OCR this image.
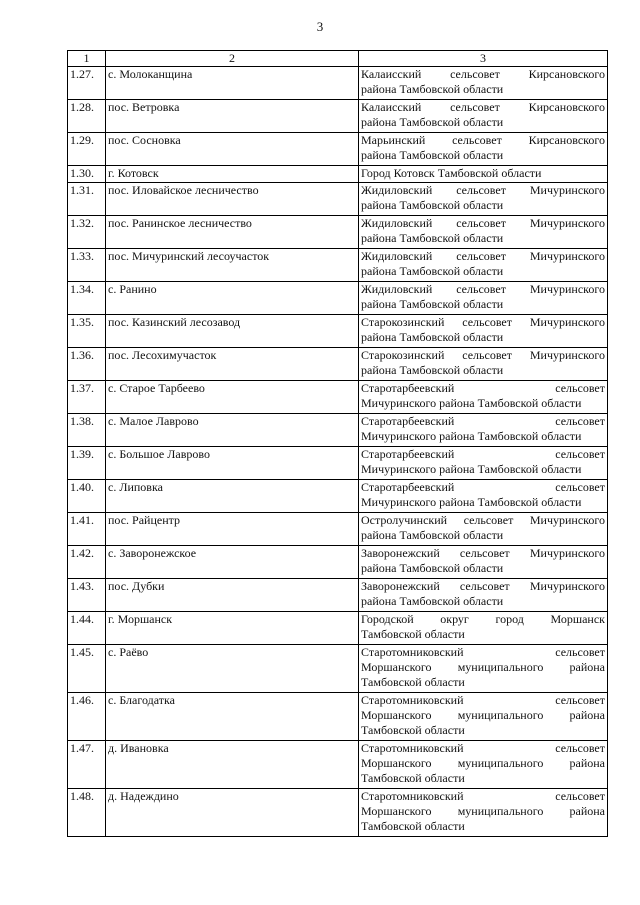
3
1	2	3
1.27.	с. Молоканщина	Калаисский сельсовет Кирсановского
района Тамбовской области

1.28.	пос. Ветровка	Калаисский сельсовет Кирсановского
района Тамбовской области

1.29.	пос. Сосновка	Марьинский сельсовет Кирсановского
района Тамбовской области

1.30.	г. Котовск	Город Котовск Тамбовской области

1.31.	пос. Иловайское лесничество	Жидиловский сельсовет Мичуринского
района Тамбовской области

1.32.	пос. Ранинское лесничество	Жидиловский сельсовет Мичуринского
района Тамбовской области

1.33.	пос. Мичуринский лесоучасток	Жидиловский сельсовет Мичуринского
района Тамбовской области

1.34.	с. Ранино	Жидиловский сельсовет Мичуринского
района Тамбовской области

1.35.	пос. Казинский лесозавод	Старокозинский сельсовет Мичуринского
района Тамбовской области

1.36.	пос. Лесохимучасток	Старокозинский сельсовет Мичуринского
района Тамбовской области

1.37.	с. Старое Тарбеево	Старотарбеевский сельсовет
Мичуринского района Тамбовской области

1.38.	с. Малое Лаврово	Старотарбеевский сельсовет
Мичуринского района Тамбовской области

1.39.	с. Большое Лаврово	Старотарбеевский сельсовет
Мичуринского района Тамбовской области

1.40.	с. Липовка	Старотарбеевский сельсовет
Мичуринского района Тамбовской области

1.41.	пос. Райцентр	Остролучинский сельсовет Мичуринского
района Тамбовской области

1.42.	с. Заворонежское	Заворонежский сельсовет Мичуринского
района Тамбовской области

1.43.	пос. Дубки	Заворонежский сельсовет Мичуринского
района Тамбовской области

1.44.	г. Моршанск	Городской округ город Моршанск
Тамбовской области

1.45.	с. Раёво	Старотомниковский сельсовет
Моршанского муниципального района
Тамбовской области

1.46.	с. Благодатка	Старотомниковский сельсовет
Моршанского муниципального района
Тамбовской области

1.47.	д. Ивановка	Старотомниковский сельсовет
Моршанского муниципального района
Тамбовской области

1.48.	д. Надеждино	Старотомниковский сельсовет
Моршанского муниципального района
Тамбовской области
